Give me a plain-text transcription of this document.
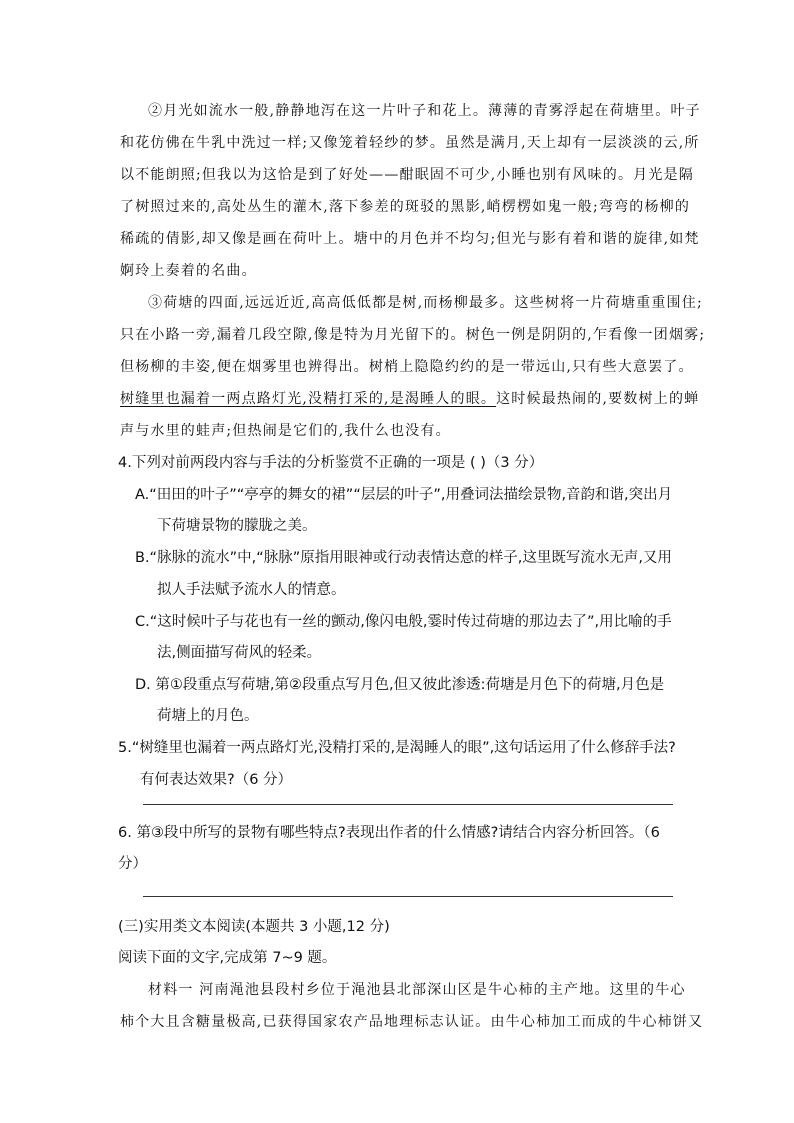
②月光如流水一般,静静地泻在这一片叶子和花上。薄薄的青雾浮起在荷塘里。叶子
和花仿佛在牛乳中洗过一样;又像笼着轻纱的梦。虽然是满月,天上却有一层淡淡的云,所
以不能朗照;但我以为这恰是到了好处——酣眠固不可少,小睡也别有风味的。月光是隔
了树照过来的,高处丛生的灌木,落下参差的斑驳的黑影,峭楞楞如鬼一般;弯弯的杨柳的
稀疏的倩影,却又像是画在荷叶上。塘中的月色并不均匀;但光与影有着和谐的旋律,如梵
婀玲上奏着的名曲。
③荷塘的四面,远远近近,高高低低都是树,而杨柳最多。这些树将一片荷塘重重围住;
只在小路一旁,漏着几段空隙,像是特为月光留下的。树色一例是阴阴的,乍看像一团烟雾;
但杨柳的丰姿,便在烟雾里也辨得出。树梢上隐隐约约的是一带远山,只有些大意罢了。
树缝里也漏着一两点路灯光,没精打采的,是渴睡人的眼。这时候最热闹的,要数树上的蝉
声与水里的蛙声;但热闹是它们的,我什么也没有。
4.下列对前两段内容与手法的分析鉴赏不正确的一项是 ( )（3 分）
A.“田田的叶子”“亭亭的舞女的裙”“层层的叶子”,用叠词法描绘景物,音韵和谐,突出月
下荷塘景物的朦胧之美。
B.“脉脉的流水”中,“脉脉”原指用眼神或行动表情达意的样子,这里既写流水无声,又用
拟人手法赋予流水人的情意。
C.“这时候叶子与花也有一丝的颤动,像闪电般,霎时传过荷塘的那边去了”,用比喻的手
法,侧面描写荷风的轻柔。
D. 第①段重点写荷塘,第②段重点写月色,但又彼此渗透:荷塘是月色下的荷塘,月色是
荷塘上的月色。
5.“树缝里也漏着一两点路灯光,没精打采的,是渴睡人的眼”,这句话运用了什么修辞手法?
有何表达效果?（6 分）
6. 第③段中所写的景物有哪些特点?表现出作者的什么情感?请结合内容分析回答。（6
分）
(三)实用类文本阅读(本题共 3 小题,12 分)
阅读下面的文字,完成第 7~9 题。
材料一 河南渑池县段村乡位于渑池县北部深山区是牛心柿的主产地。这里的牛心
柿个大且含糖量极高,已获得国家农产品地理标志认证。由牛心柿加工而成的牛心柿饼又
